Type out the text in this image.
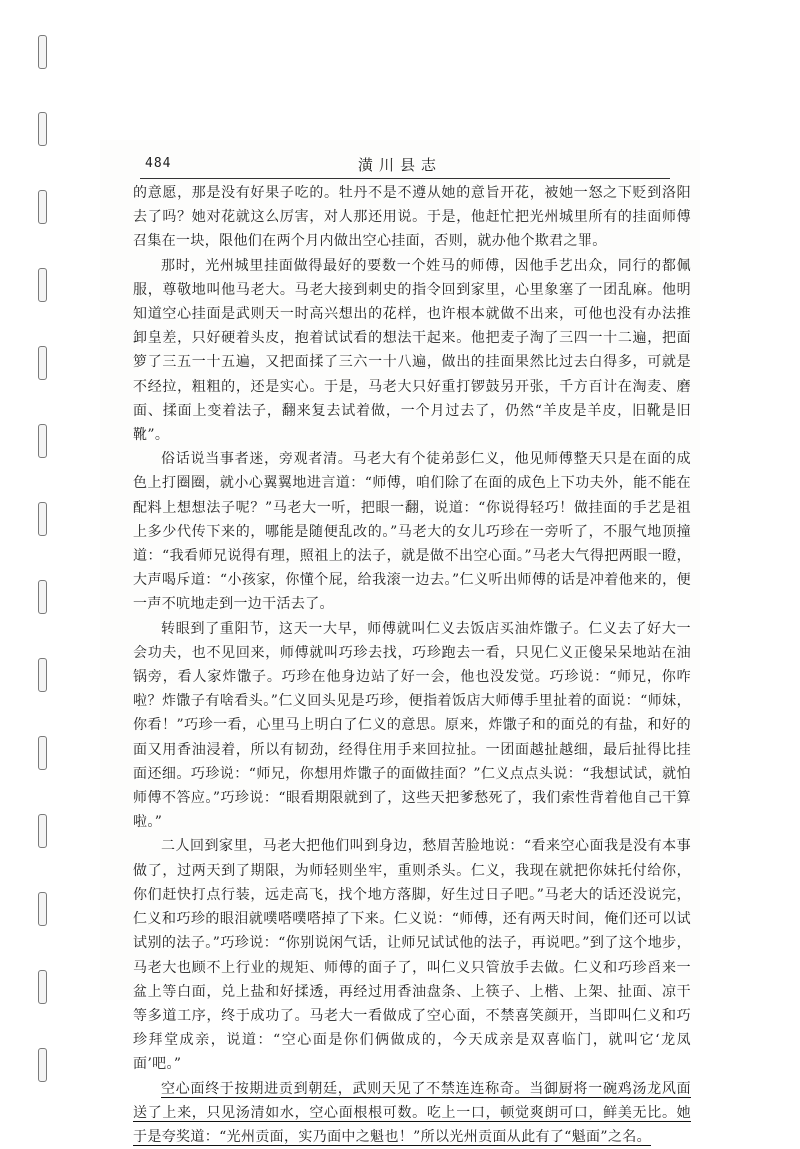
484	潢川县志

的意愿，那是没有好果子吃的。牡丹不是不遵从她的意旨开花，被她一怒之下贬到洛阳去了吗？她对花就这么厉害，对人那还用说。于是，他赶忙把光州城里所有的挂面师傅召集在一块，限他们在两个月内做出空心挂面，否则，就办他个欺君之罪。

那时，光州城里挂面做得最好的要数一个姓马的师傅，因他手艺出众，同行的都佩服，尊敬地叫他马老大。马老大接到刺史的指令回到家里，心里象塞了一团乱麻。他明知道空心挂面是武则天一时高兴想出的花样，也许根本就做不出来，可他也没有办法推卸皇差，只好硬着头皮，抱着试试看的想法干起来。他把麦子淘了三四一十二遍，把面箩了三五一十五遍，又把面揉了三六一十八遍，做出的挂面果然比过去白得多，可就是不经拉，粗粗的，还是实心。于是，马老大只好重打锣鼓另开张，千方百计在淘麦、磨面、揉面上变着法子，翻来复去试着做，一个月过去了，仍然“羊皮是羊皮，旧靴是旧靴”。

俗话说当事者迷，旁观者清。马老大有个徒弟彭仁义，他见师傅整天只是在面的成色上打圈圈，就小心翼翼地进言道：“师傅，咱们除了在面的成色上下功夫外，能不能在配料上想想法子呢？”马老大一听，把眼一翻，说道：“你说得轻巧！做挂面的手艺是祖上多少代传下来的，哪能是随便乱改的。”马老大的女儿巧珍在一旁听了，不服气地顶撞道：“我看师兄说得有理，照祖上的法子，就是做不出空心面。”马老大气得把两眼一瞪，大声喝斥道：“小孩家，你懂个屁，给我滚一边去。”仁义听出师傅的话是冲着他来的，便一声不吭地走到一边干活去了。

转眼到了重阳节，这天一大早，师傅就叫仁义去饭店买油炸馓子。仁义去了好大一会功夫，也不见回来，师傅就叫巧珍去找，巧珍跑去一看，只见仁义正傻呆呆地站在油锅旁，看人家炸馓子。巧珍在他身边站了好一会，他也没发觉。巧珍说：“师兄，你咋啦？炸馓子有啥看头。”仁义回头见是巧珍，便指着饭店大师傅手里扯着的面说：“师妹，你看！”巧珍一看，心里马上明白了仁义的意思。原来，炸馓子和的面兑的有盐，和好的面又用香油浸着，所以有韧劲，经得住用手来回拉扯。一团面越扯越细，最后扯得比挂面还细。巧珍说：“师兄，你想用炸馓子的面做挂面？”仁义点点头说：“我想试试，就怕师傅不答应。”巧珍说：“眼看期限就到了，这些天把爹愁死了，我们索性背着他自己干算啦。”

二人回到家里，马老大把他们叫到身边，愁眉苦脸地说：“看来空心面我是没有本事做了，过两天到了期限，为师轻则坐牢，重则杀头。仁义，我现在就把你妹托付给你，你们赶快打点行装，远走高飞，找个地方落脚，好生过日子吧。”马老大的话还没说完，仁义和巧珍的眼泪就噗嗒噗嗒掉了下来。仁义说：“师傅，还有两天时间，俺们还可以试试别的法子。”巧珍说：“你别说闲气话，让师兄试试他的法子，再说吧。”到了这个地步，马老大也顾不上行业的规矩、师傅的面子了，叫仁义只管放手去做。仁义和巧珍舀来一盆上等白面，兑上盐和好揉透，再经过用香油盘条、上筷子、上楷、上架、扯面、凉干等多道工序，终于成功了。马老大一看做成了空心面，不禁喜笑颜开，当即叫仁义和巧珍拜堂成亲，说道：“空心面是你们俩做成的，今天成亲是双喜临门，就叫它‘龙凤面’吧。”

空心面终于按期进贡到朝廷，武则天见了不禁连连称奇。当御厨将一碗鸡汤龙风面送了上来，只见汤清如水，空心面根根可数。吃上一口，顿觉爽朗可口，鲜美无比。她于是夸奖道：“光州贡面，实乃面中之魁也！”所以光州贡面从此有了“魁面”之名。
